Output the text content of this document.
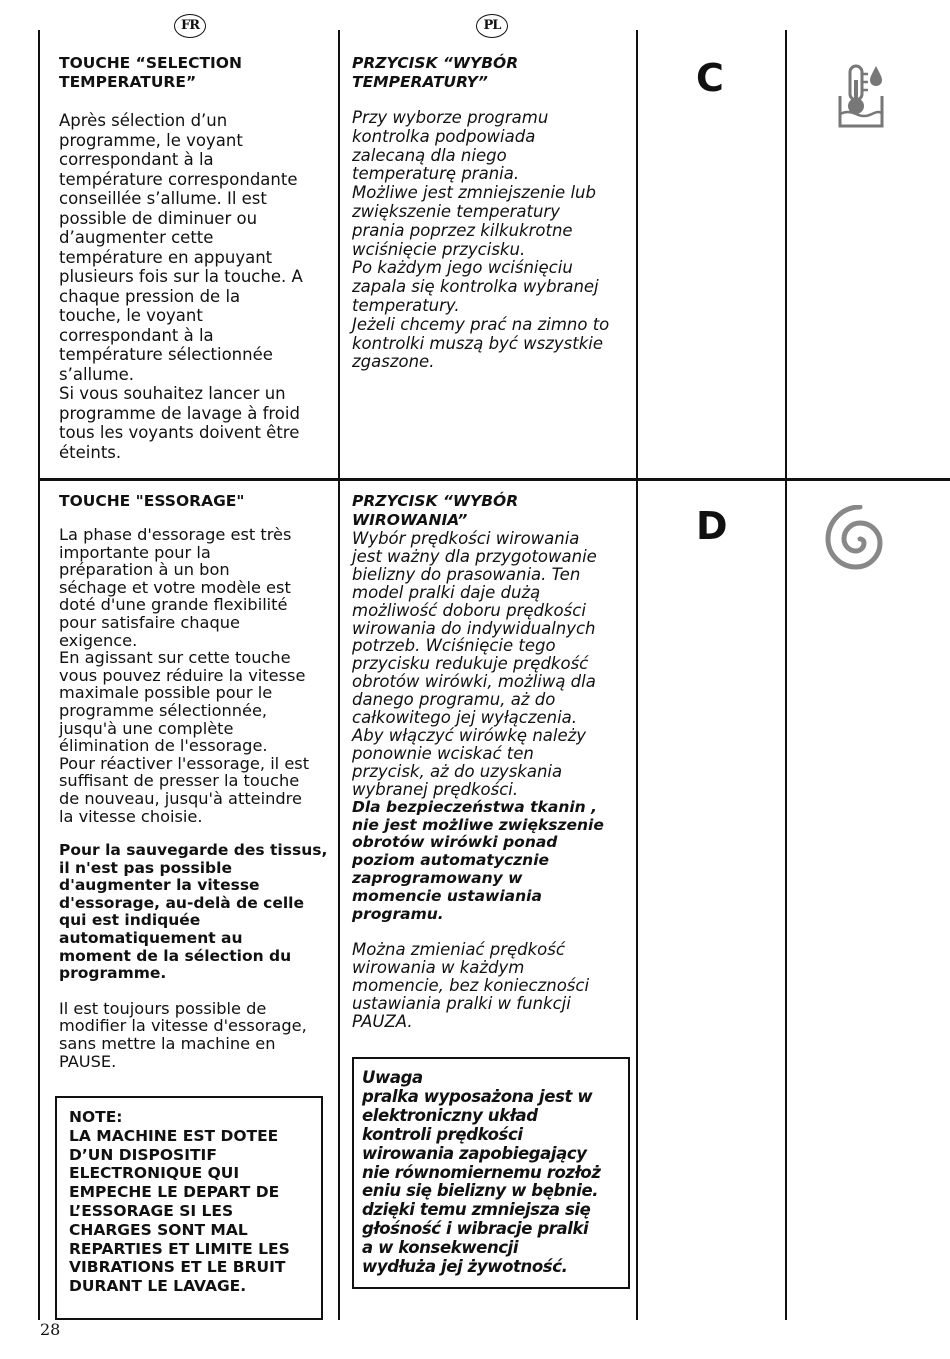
FR	PL

TOUCHE “SELECTION
TEMPERATURE”

Après sélection d’un
programme, le voyant
correspondant à la
température correspondante
conseillée s’allume. Il est
possible de diminuer ou
d’augmenter cette
température en appuyant
plusieurs fois sur la touche. A
chaque pression de la
touche, le voyant
correspondant à la
température sélectionnée
s’allume.
Si vous souhaitez lancer un
programme de lavage à froid
tous les voyants doivent être
éteints.

PRZYCISK “WYBÓR
TEMPERATURY”

Przy wyborze programu
kontrolka podpowiada
zalecaną dla niego
temperaturę prania.
Możliwe jest zmniejszenie lub
zwiększenie temperatury
prania poprzez kilkukrotne
wciśnięcie przycisku.
Po każdym jego wciśnięciu
zapala się kontrolka wybranej
temperatury.
Jeżeli chcemy prać na zimno to
kontrolki muszą być wszystkie
zgaszone.

C

TOUCHE "ESSORAGE"

La phase d'essorage est très
importante pour la
préparation à un bon
séchage et votre modèle est
doté d'une grande flexibilité
pour satisfaire chaque
exigence.
En agissant sur cette touche
vous pouvez réduire la vitesse
maximale possible pour le
programme sélectionnée,
jusqu'à une complète
élimination de l'essorage.
Pour réactiver l'essorage, il est
suffisant de presser la touche
de nouveau, jusqu'à atteindre
la vitesse choisie.

Pour la sauvegarde des tissus,
il n'est pas possible
d'augmenter la vitesse
d'essorage, au-delà de celle
qui est indiquée
automatiquement au
moment de la sélection du
programme.

Il est toujours possible de
modifier la vitesse d'essorage,
sans mettre la machine en
PAUSE.

NOTE:
LA MACHINE EST DOTEE
D’UN DISPOSITIF
ELECTRONIQUE QUI
EMPECHE LE DEPART DE
L’ESSORAGE SI LES
CHARGES SONT MAL
REPARTIES ET LIMITE LES
VIBRATIONS ET LE BRUIT
DURANT LE LAVAGE.

PRZYCISK “WYBÓR
WIROWANIA”

Wybór prędkości wirowania
jest ważny dla przygotowanie
bielizny do prasowania. Ten
model pralki daje dużą
możliwość doboru prędkości
wirowania do indywidualnych
potrzeb. Wciśnięcie tego
przycisku redukuje prędkość
obrotów wirówki, możliwą dla
danego programu, aż do
całkowitego jej wyłączenia.
Aby włączyć wirówkę należy
ponownie wciskać ten
przycisk, aż do uzyskania
wybranej prędkości.

Dla bezpieczeństwa tkanin ,
nie jest możliwe zwiększenie
obrotów wirówki ponad
poziom automatycznie
zaprogramowany w
momencie ustawiania
programu.

Można zmieniać prędkość
wirowania w każdym
momencie, bez konieczności
ustawiania pralki w funkcji
PAUZA.

Uwaga
pralka wyposażona jest w
elektroniczny układ
kontroli prędkości
wirowania zapobiegający
nie równomiernemu rozłoż
eniu się bielizny w bębnie.
dzięki temu zmniejsza się
głośność i wibracje pralki
a w konsekwencji
wydłuża jej żywotność.

D
28
